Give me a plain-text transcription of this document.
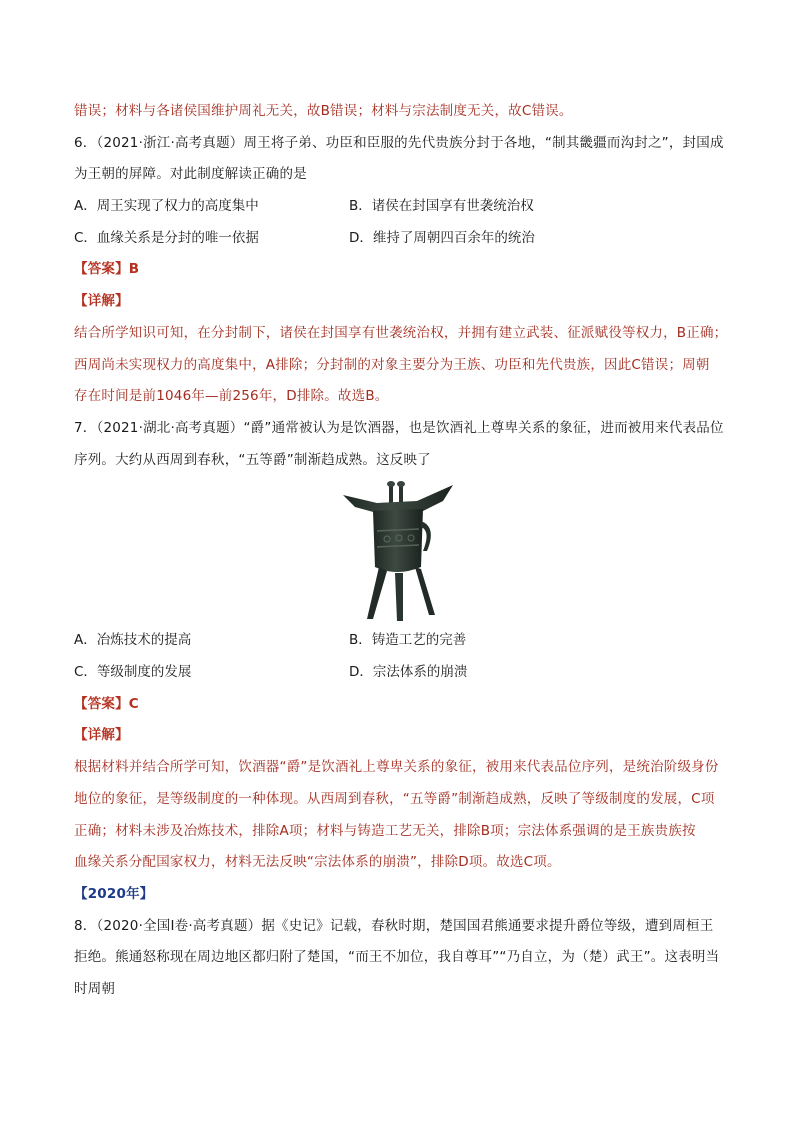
错误；材料与各诸侯国维护周礼无关，故B错误；材料与宗法制度无关，故C错误。
6．（2021·浙江·高考真题）周王将子弟、功臣和臣服的先代贵族分封于各地，“制其畿疆而沟封之”，封国成
为王朝的屏障。对此制度解读正确的是
A．周王实现了权力的高度集中	B．诸侯在封国享有世袭统治权
C．血缘关系是分封的唯一依据	D．维持了周朝四百余年的统治
【答案】B
【详解】
结合所学知识可知，在分封制下，诸侯在封国享有世袭统治权，并拥有建立武装、征派赋役等权力，B正确；
西周尚未实现权力的高度集中，A排除；分封制的对象主要分为王族、功臣和先代贵族，因此C错误；周朝
存在时间是前1046年—前256年，D排除。故选B。
7．（2021·湖北·高考真题）“爵”通常被认为是饮酒器，也是饮酒礼上尊卑关系的象征，进而被用来代表品位
序列。大约从西周到春秋，“五等爵”制渐趋成熟。这反映了
A．冶炼技术的提高	B．铸造工艺的完善
C．等级制度的发展	D．宗法体系的崩溃
【答案】C
【详解】
根据材料并结合所学可知，饮酒器“爵”是饮酒礼上尊卑关系的象征，被用来代表品位序列，是统治阶级身份
地位的象征，是等级制度的一种体现。从西周到春秋，“五等爵”制渐趋成熟，反映了等级制度的发展，C项
正确；材料未涉及冶炼技术，排除A项；材料与铸造工艺无关，排除B项；宗法体系强调的是王族贵族按
血缘关系分配国家权力，材料无法反映“宗法体系的崩溃”，排除D项。故选C项。
【2020年】
8．（2020·全国Ⅰ卷·高考真题）据《史记》记载，春秋时期，楚国国君熊通要求提升爵位等级，遭到周桓王
拒绝。熊通怒称现在周边地区都归附了楚国，“而王不加位，我自尊耳”“乃自立，为（楚）武王”。这表明当
时周朝
